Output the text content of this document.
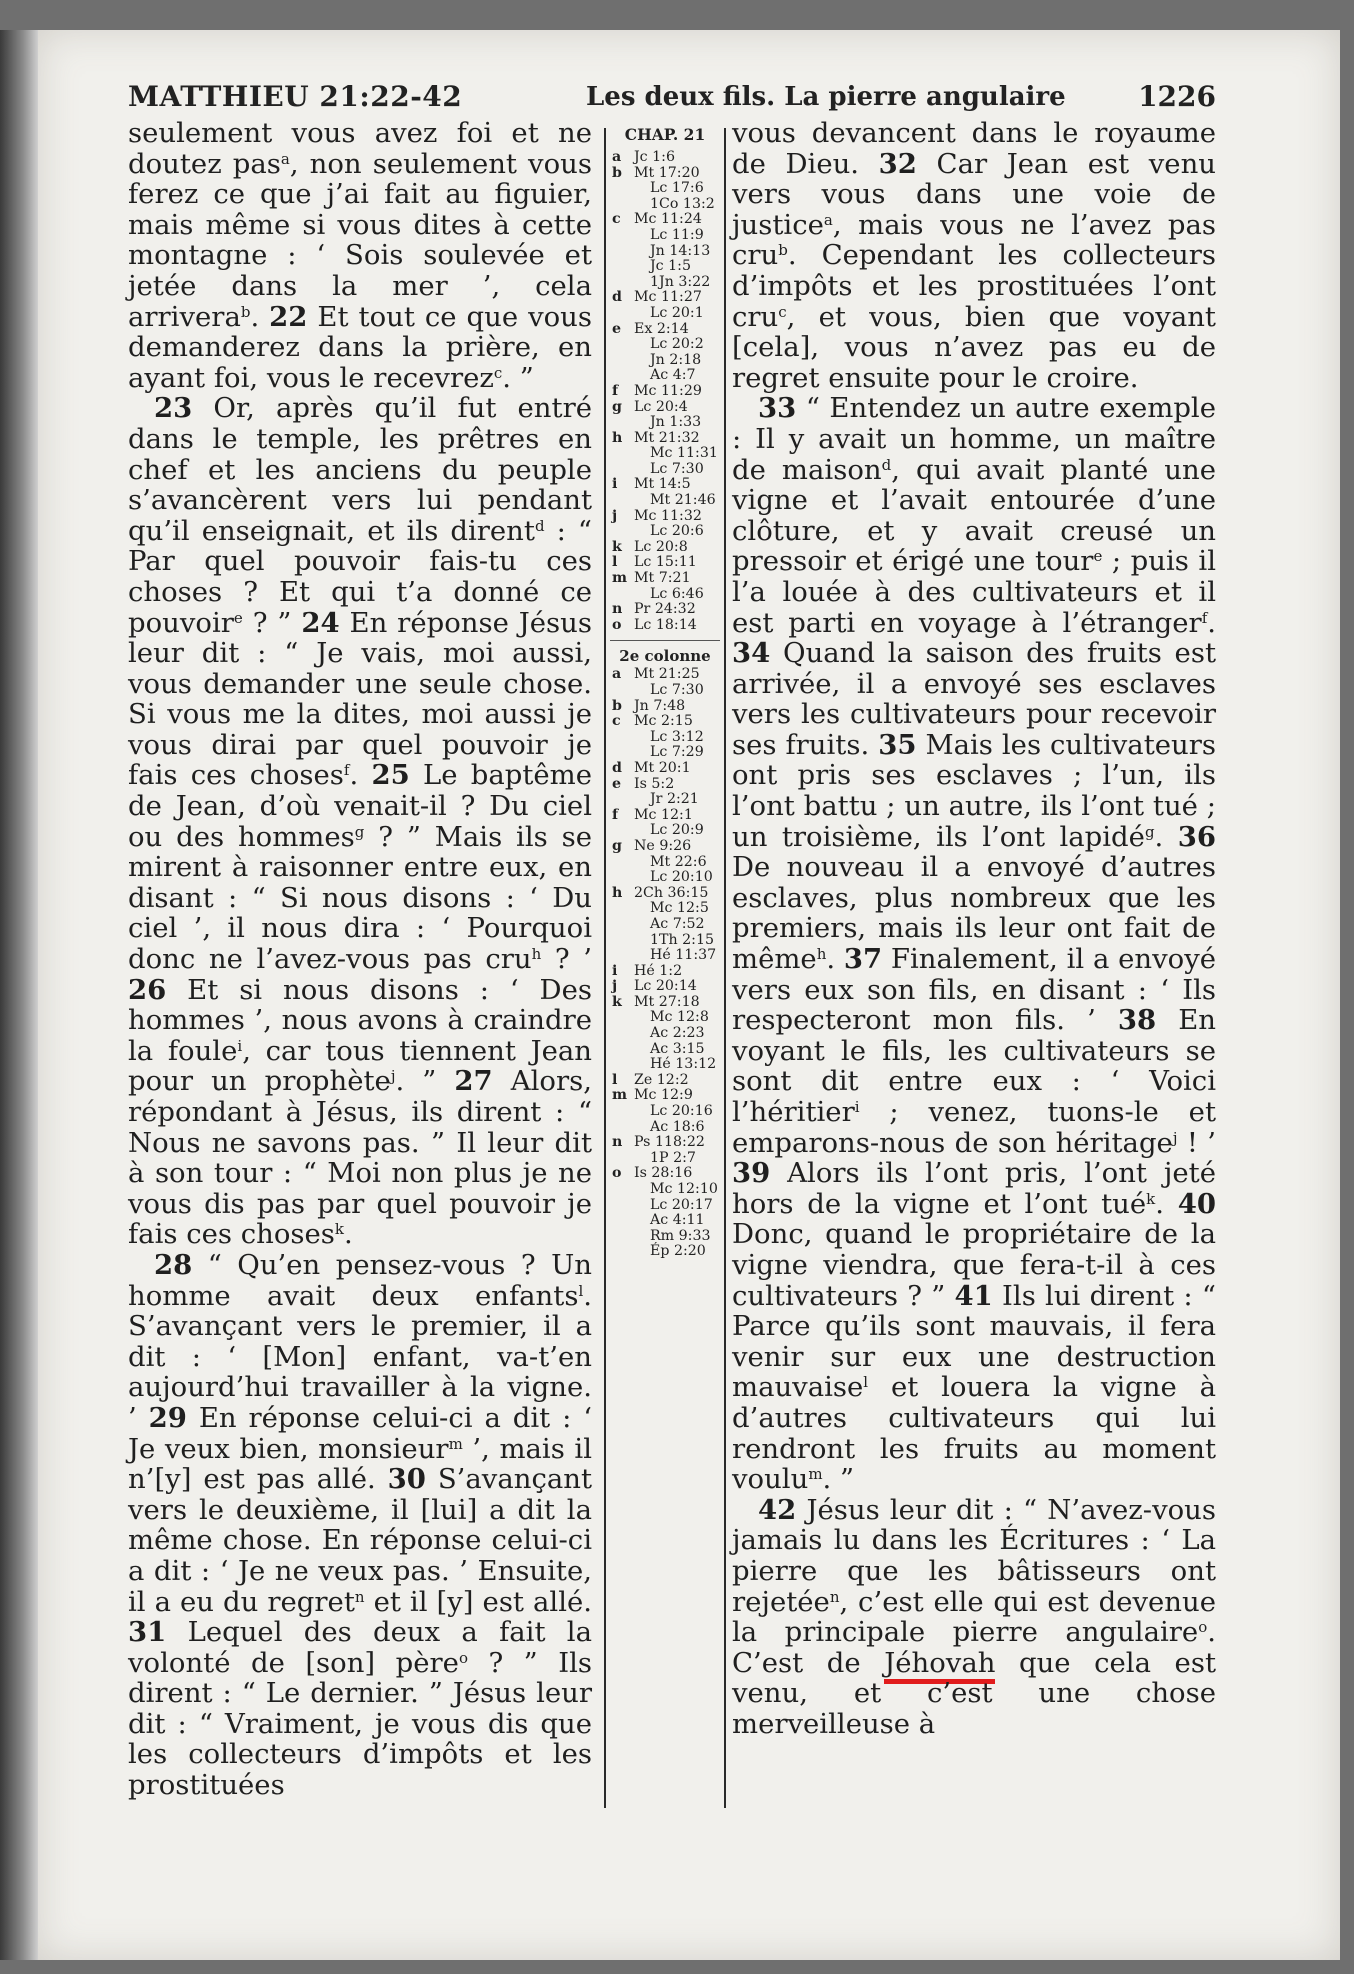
MATTHIEU 21:22-42	Les deux fils. La pierre angulaire	1226

seulement vous avez foi et ne doutez pas$^a$, non seulement vous ferez ce que j’ai fait au figuier, mais même si vous dites à cette montagne : ‘ Sois soulevée et jetée dans la mer ’, cela arrivera$^b$. 22 Et tout ce que vous demanderez dans la prière, en ayant foi, vous le recevrez$^c$. ”

23 Or, après qu’il fut entré dans le temple, les prêtres en chef et les anciens du peuple s’avancèrent vers lui pendant qu’il enseignait, et ils dirent$^d$ : “ Par quel pouvoir fais-tu ces choses ? Et qui t’a donné ce pouvoir$^e$ ? ” 24 En réponse Jésus leur dit : “ Je vais, moi aussi, vous demander une seule chose. Si vous me la dites, moi aussi je vous dirai par quel pouvoir je fais ces choses$^f$. 25 Le baptême de Jean, d’où venait-il ? Du ciel ou des hommes$^g$ ? ” Mais ils se mirent à raisonner entre eux, en disant : “ Si nous disons : ‘ Du ciel ’, il nous dira : ‘ Pourquoi donc ne l’avez-vous pas cru$^h$ ? ’ 26 Et si nous disons : ‘ Des hommes ’, nous avons à craindre la foule$^i$, car tous tiennent Jean pour un prophète$^j$. ” 27 Alors, répondant à Jésus, ils dirent : “ Nous ne savons pas. ” Il leur dit à son tour : “ Moi non plus je ne vous dis pas par quel pouvoir je fais ces choses$^k$.

28 “ Qu’en pensez-vous ? Un homme avait deux enfants$^l$. S’avançant vers le premier, il a dit : ‘ [Mon] enfant, va-t’en aujourd’hui travailler à la vigne. ’ 29 En réponse celui-ci a dit : ‘ Je veux bien, monsieur$^m$ ’, mais il n’[y] est pas allé. 30 S’avançant vers le deuxième, il [lui] a dit la même chose. En réponse celui-ci a dit : ‘ Je ne veux pas. ’ Ensuite, il a eu du regret$^n$ et il [y] est allé. 31 Lequel des deux a fait la volonté de [son] père$^o$ ? ” Ils dirent : “ Le dernier. ” Jésus leur dit : “ Vraiment, je vous dis que les collecteurs d’impôts et les prostituées

CHAP. 21
a Jc 1:6
b Mt 17:20
Lc 17:6
1Co 13:2
c Mc 11:24
Lc 11:9
Jn 14:13
Jc 1:5
1Jn 3:22
d Mc 11:27
Lc 20:1
e Ex 2:14
Lc 20:2
Jn 2:18
Ac 4:7
f Mc 11:29
g Lc 20:4
Jn 1:33
h Mt 21:32
Mc 11:31
Lc 7:30
i Mt 14:5
Mt 21:46
j Mc 11:32
Lc 20:6
k Lc 20:8
l Lc 15:11
m Mt 7:21
Lc 6:46
n Pr 24:32
o Lc 18:14
2e colonne
a Mt 21:25
Lc 7:30
b Jn 7:48
c Mc 2:15
Lc 3:12
Lc 7:29
d Mt 20:1
e Is 5:2
Jr 2:21
f Mc 12:1
Lc 20:9
g Ne 9:26
Mt 22:6
Lc 20:10
h 2Ch 36:15
Mc 12:5
Ac 7:52
1Th 2:15
Hé 11:37
i Hé 1:2
j Lc 20:14
k Mt 27:18
Mc 12:8
Ac 2:23
Ac 3:15
Hé 13:12
l Ze 12:2
m Mc 12:9
Lc 20:16
Ac 18:6
n Ps 118:22
1P 2:7
o Is 28:16
Mc 12:10
Lc 20:17
Ac 4:11
Rm 9:33
Ép 2:20

vous devancent dans le royaume de Dieu. 32 Car Jean est venu vers vous dans une voie de justice$^a$, mais vous ne l’avez pas cru$^b$. Cependant les collecteurs d’impôts et les prostituées l’ont cru$^c$, et vous, bien que voyant [cela], vous n’avez pas eu de regret ensuite pour le croire.

33 “ Entendez un autre exemple : Il y avait un homme, un maître de maison$^d$, qui avait planté une vigne et l’avait entourée d’une clôture, et y avait creusé un pressoir et érigé une tour$^e$ ; puis il l’a louée à des cultivateurs et il est parti en voyage à l’étranger$^f$. 34 Quand la saison des fruits est arrivée, il a envoyé ses esclaves vers les cultivateurs pour recevoir ses fruits. 35 Mais les cultivateurs ont pris ses esclaves ; l’un, ils l’ont battu ; un autre, ils l’ont tué ; un troisième, ils l’ont lapidé$^g$. 36 De nouveau il a envoyé d’autres esclaves, plus nombreux que les premiers, mais ils leur ont fait de même$^h$. 37 Finalement, il a envoyé vers eux son fils, en disant : ‘ Ils respecteront mon fils. ’ 38 En voyant le fils, les cultivateurs se sont dit entre eux : ‘ Voici l’héritier$^i$ ; venez, tuons-le et emparons-nous de son héritage$^j$ ! ’ 39 Alors ils l’ont pris, l’ont jeté hors de la vigne et l’ont tué$^k$. 40 Donc, quand le propriétaire de la vigne viendra, que fera-t-il à ces cultivateurs ? ” 41 Ils lui dirent : “ Parce qu’ils sont mauvais, il fera venir sur eux une destruction mauvaise$^l$ et louera la vigne à d’autres cultivateurs qui lui rendront les fruits au moment voulu$^m$. ”

42 Jésus leur dit : “ N’avez-vous jamais lu dans les Écritures : ‘ La pierre que les bâtisseurs ont rejetée$^n$, c’est elle qui est devenue la principale pierre angulaire$^o$. C’est de Jéhovah que cela est venu, et c’est une chose merveilleuse à
